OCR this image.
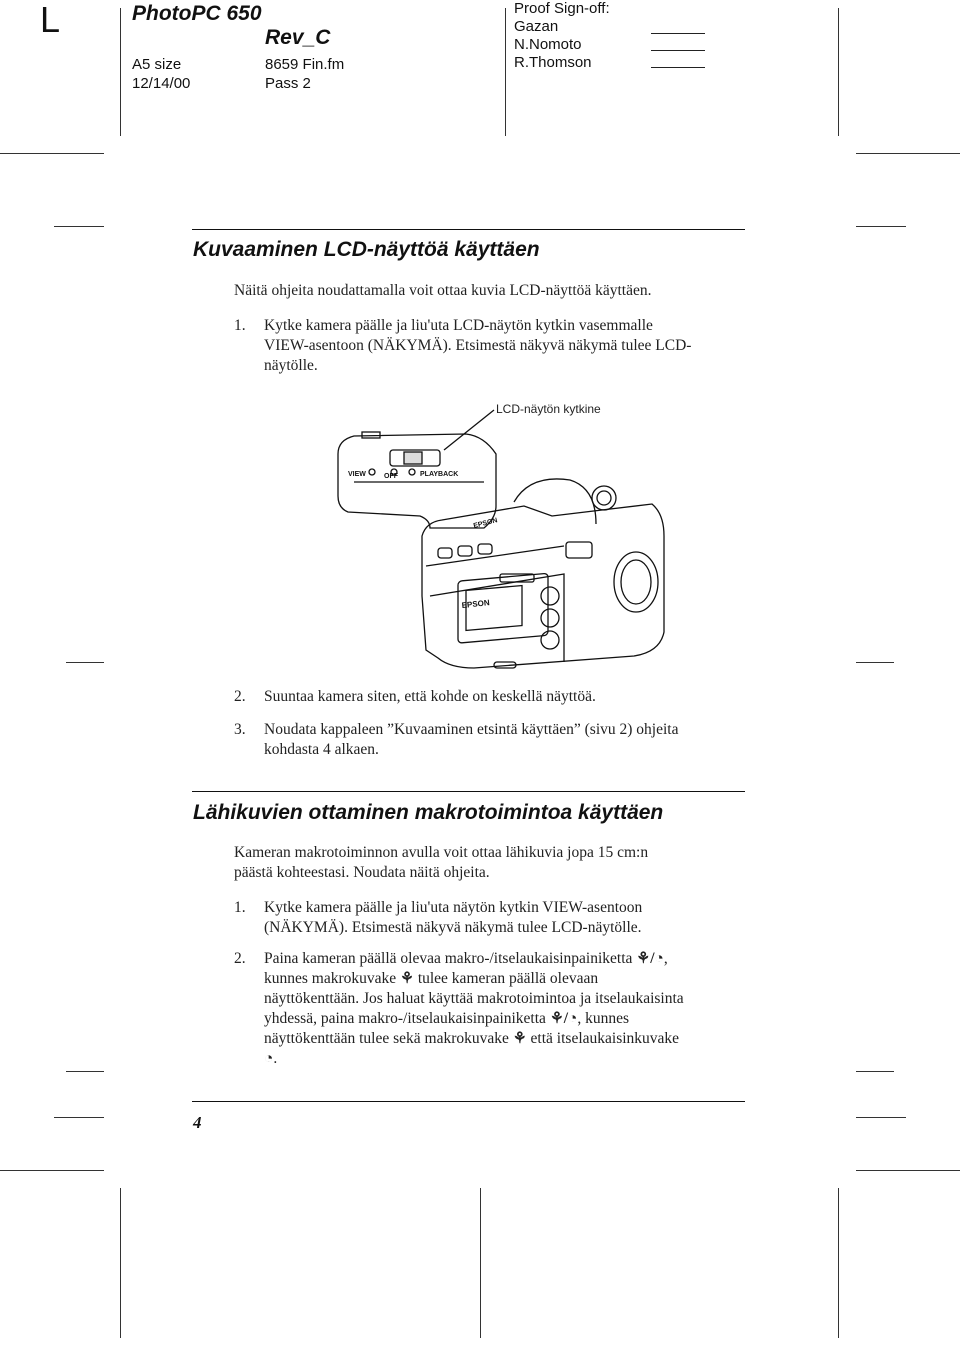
L	PhotoPC 650
Rev_C
A5 size
12/14/00
8659 Fin.fm
Pass 2
Proof Sign-off:
Gazan
N.Nomoto
R.Thomson
Kuvaaminen LCD-näyttöä käyttäen
Näitä ohjeita noudattamalla voit ottaa kuvia LCD-näyttöä käyttäen.
1. Kytke kamera päälle ja liu'uta LCD-näytön kytkin vasemmalle
VIEW-asentoon (NÄKYMÄ). Etsimestä näkyvä näkymä tulee LCD-
näytölle.
VIEW	OFF	PLAYBACK
EPSON
EPSON
LCD-näytön kytkine
2. Suuntaa kamera siten, että kohde on keskellä näyttöä.
3. Noudata kappaleen ”Kuvaaminen etsintä käyttäen” (sivu 2) ohjeita
kohdasta 4 alkaen.
Lähikuvien ottaminen makrotoimintoa käyttäen
Kameran makrotoiminnon avulla voit ottaa lähikuvia jopa 15 cm:n
päästä kohteestasi. Noudata näitä ohjeita.
1. Kytke kamera päälle ja liu'uta näytön kytkin VIEW-asentoon
(NÄKYMÄ). Etsimestä näkyvä näkymä tulee LCD-näytölle.
2. Paina kameran päällä olevaa makro-/itselaukaisinpainiketta ⚘/◔,
kunnes makrokuvake ⚘ tulee kameran päällä olevaan
näyttökenttään. Jos haluat käyttää makrotoimintoa ja itselaukaisinta
yhdessä, paina makro-/itselaukaisinpainiketta ⚘/◔, kunnes
näyttökenttään tulee sekä makrokuvake ⚘ että itselaukaisinkuvake
◔.
4
